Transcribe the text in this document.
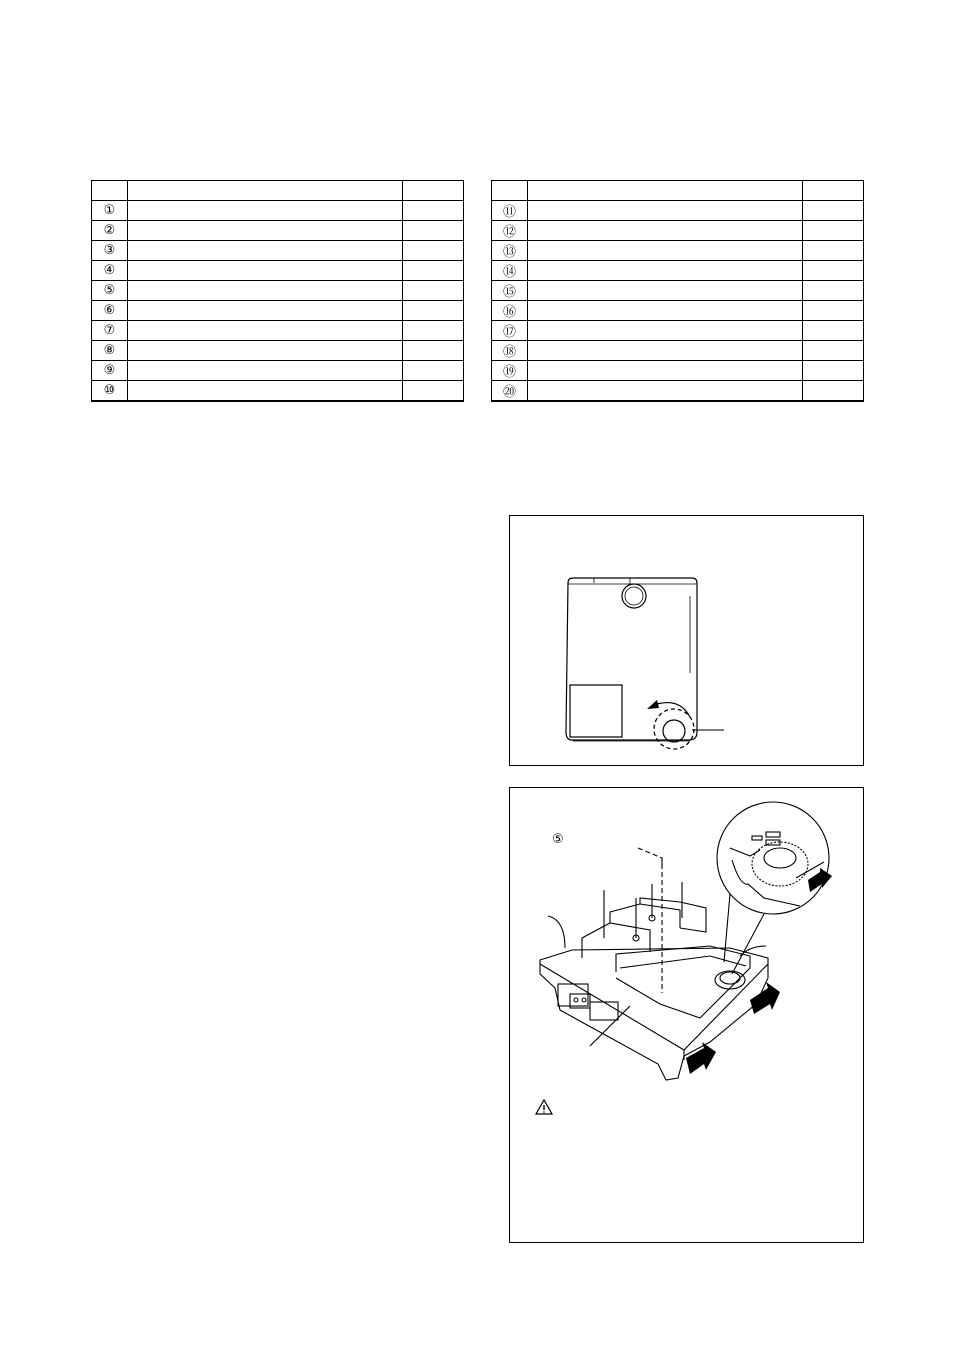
①		
②		
③		
④		
⑤		
⑥		
⑦		
⑧		
⑨		
⑩		

⑪		
⑫		
⑬		
⑭		
⑮		
⑯		
⑰		
⑱		
⑲		
⑳		
⑤
